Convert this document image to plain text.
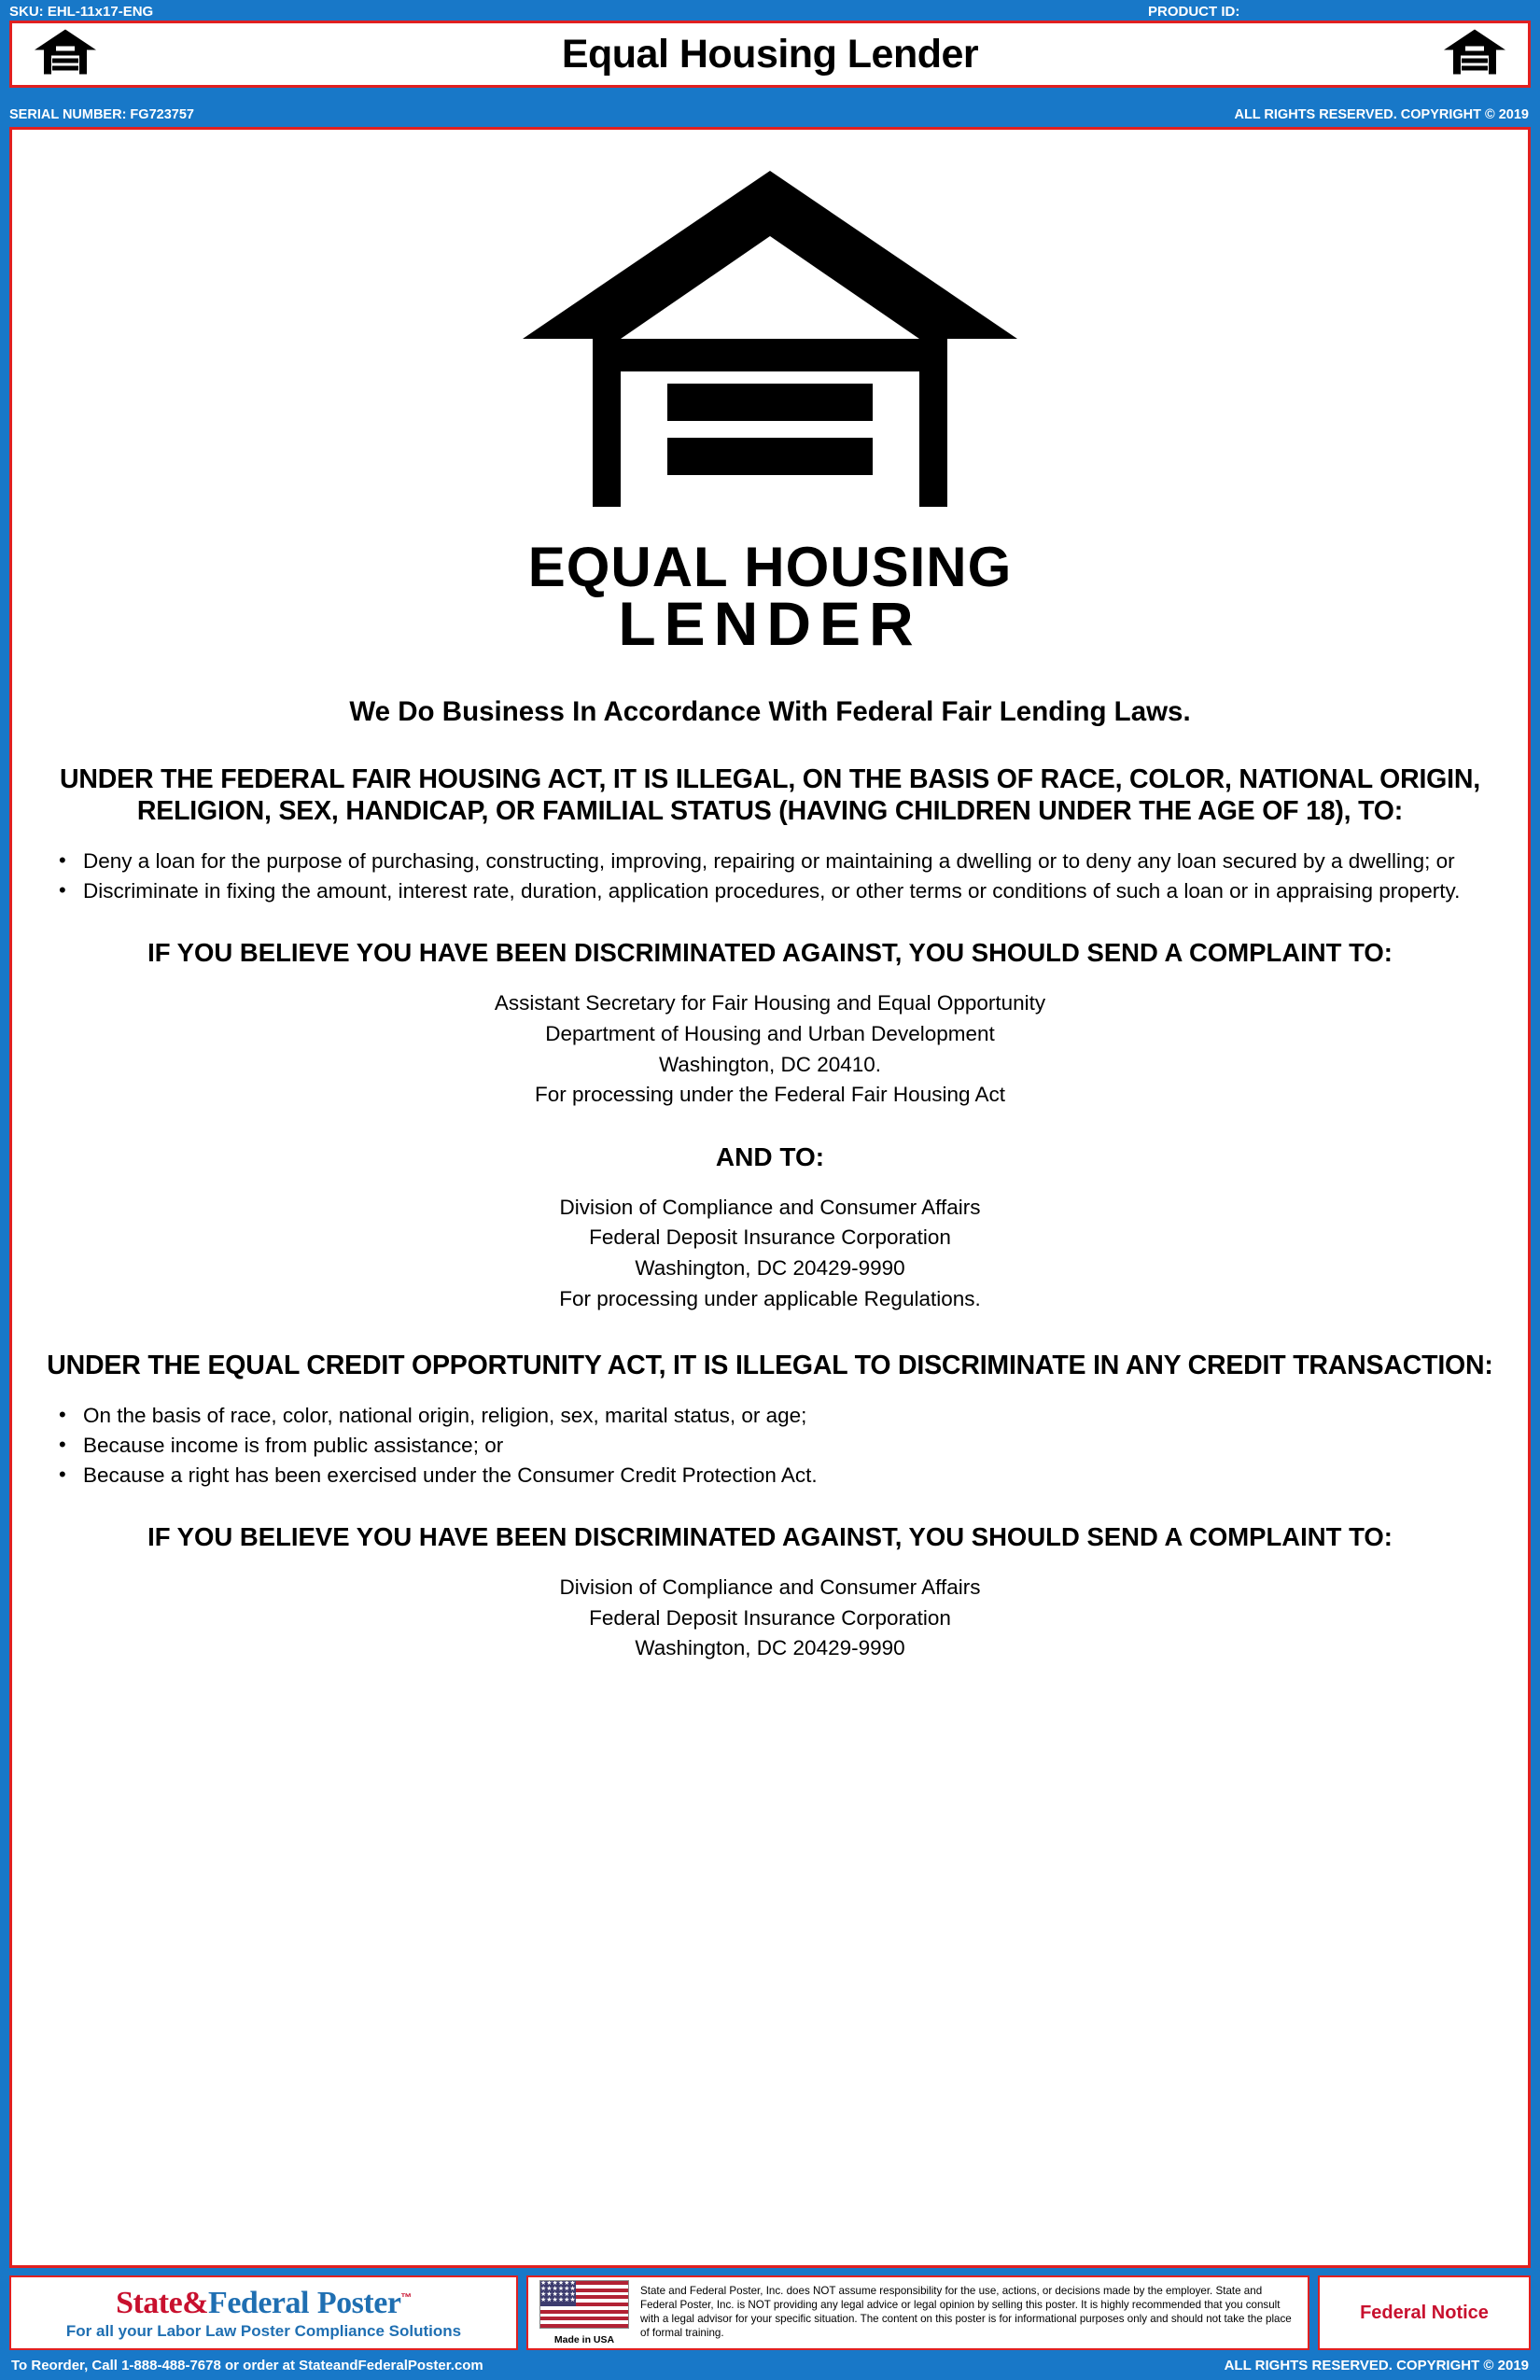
SKU: EHL-11x17-ENG	PRODUCT ID:
Equal Housing Lender
SERIAL NUMBER: FG723757	ALL RIGHTS RESERVED. COPYRIGHT © 2019
EQUAL HOUSING
LENDER
We Do Business In Accordance With Federal Fair Lending Laws.
UNDER THE FEDERAL FAIR HOUSING ACT, IT IS ILLEGAL, ON THE BASIS OF RACE, COLOR, NATIONAL ORIGIN, RELIGION, SEX, HANDICAP, OR FAMILIAL STATUS (HAVING CHILDREN UNDER THE AGE OF 18), TO:
• Deny a loan for the purpose of purchasing, constructing, improving, repairing or maintaining a dwelling or to deny any loan secured by a dwelling; or
• Discriminate in fixing the amount, interest rate, duration, application procedures, or other terms or conditions of such a loan or in appraising property.
IF YOU BELIEVE YOU HAVE BEEN DISCRIMINATED AGAINST, YOU SHOULD SEND A COMPLAINT TO:
Assistant Secretary for Fair Housing and Equal Opportunity
Department of Housing and Urban Development
Washington, DC 20410.
For processing under the Federal Fair Housing Act
AND TO:
Division of Compliance and Consumer Affairs
Federal Deposit Insurance Corporation
Washington, DC 20429-9990
For processing under applicable Regulations.
UNDER THE EQUAL CREDIT OPPORTUNITY ACT, IT IS ILLEGAL TO DISCRIMINATE IN ANY CREDIT TRANSACTION:
• On the basis of race, color, national origin, religion, sex, marital status, or age;
• Because income is from public assistance; or
• Because a right has been exercised under the Consumer Credit Protection Act.
IF YOU BELIEVE YOU HAVE BEEN DISCRIMINATED AGAINST, YOU SHOULD SEND A COMPLAINT TO:
Division of Compliance and Consumer Affairs
Federal Deposit Insurance Corporation
Washington, DC 20429-9990
State&Federal Poster™
For all your Labor Law Poster Compliance Solutions
★★★★★★
★★★★★★
★★★★★★
★★★★★★
Made in USA
State and Federal Poster, Inc. does NOT assume responsibility for the use, actions, or decisions made by the employer. State and Federal Poster, Inc. is NOT providing any legal advice or legal opinion by selling this poster. It is highly recommended that you consult with a legal advisor for your specific situation. The content on this poster is for informational purposes only and should not take the place of formal training.
Federal Notice
To Reorder, Call 1-888-488-7678 or order at StateandFederalPoster.com	ALL RIGHTS RESERVED. COPYRIGHT © 2019
